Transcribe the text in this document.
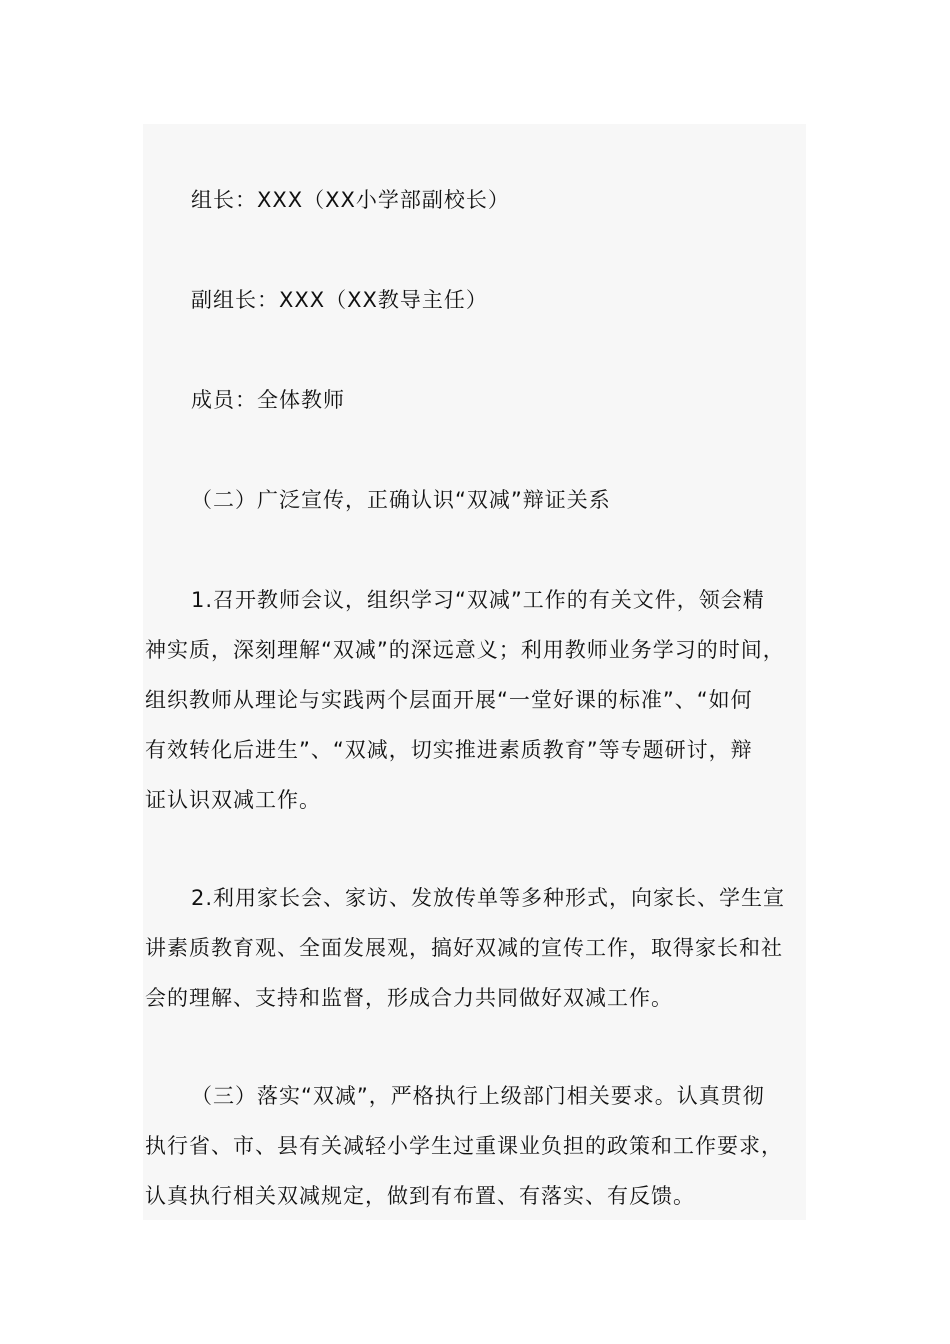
组长：XXX（XX小学部副校长）

副组长：XXX（XX教导主任）

成员：全体教师

（二）广泛宣传，正确认识“双减”辩证关系

1.召开教师会议，组织学习“双减”工作的有关文件，领会精
神实质，深刻理解“双减”的深远意义；利用教师业务学习的时间，
组织教师从理论与实践两个层面开展“一堂好课的标准”、“如何
有效转化后进生”、“双减，切实推进素质教育”等专题研讨，辩
证认识双减工作。

2.利用家长会、家访、发放传单等多种形式，向家长、学生宣
讲素质教育观、全面发展观，搞好双减的宣传工作，取得家长和社
会的理解、支持和监督，形成合力共同做好双减工作。

（三）落实“双减”，严格执行上级部门相关要求。认真贯彻
执行省、市、县有关减轻小学生过重课业负担的政策和工作要求，
认真执行相关双减规定，做到有布置、有落实、有反馈。
